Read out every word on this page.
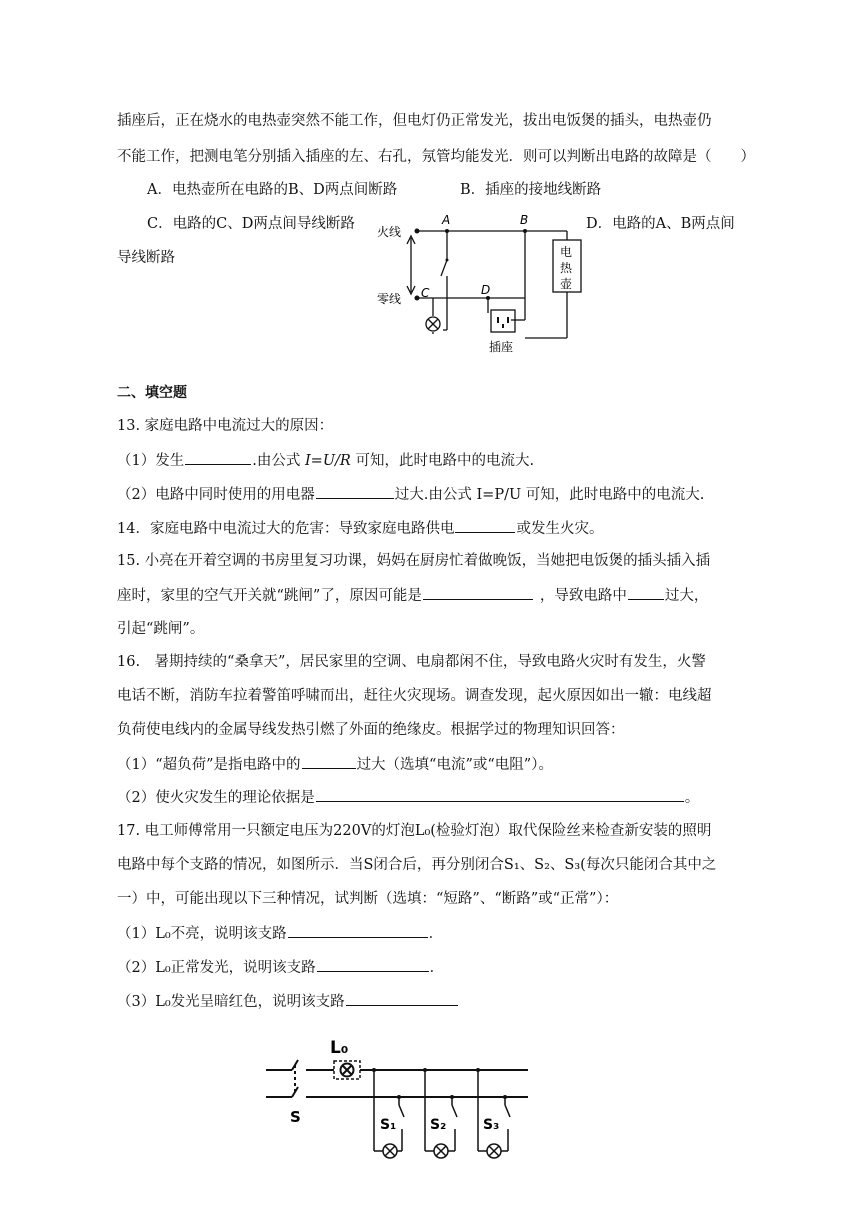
插座后，正在烧水的电热壶突然不能工作，但电灯仍正常发光，拔出电饭煲的插头，电热壶仍
不能工作，把测电笔分别插入插座的左、右孔，氖管均能发光．则可以判断出电路的故障是（　　）
A．电热壶所在电路的B、D两点间断路	B．插座的接地线断路
C．电路的C、D两点间导线断路	D．电路的A、B两点间
导线断路
火线
零线
A	B
C	D
电
热
壶
插座
二、填空题
13. 家庭电路中电流过大的原因：
（1）发生	.由公式 I=U/R 可知，此时电路中的电流大.
（2）电路中同时使用的用电器	过大.由公式 I=P/U 可知，此时电路中的电流大.
14．家庭电路中电流过大的危害：导致家庭电路供电	或发生火灾。
15. 小亮在开着空调的书房里复习功课，妈妈在厨房忙着做晚饭，当她把电饭煲的插头插入插
座时，家里的空气开关就“跳闸”了，原因可能是	，导致电路中	过大，
引起“跳闸”。
16.　暑期持续的“桑拿天”，居民家里的空调、电扇都闲不住，导致电路火灾时有发生，火警
电话不断，消防车拉着警笛呼啸而出，赶往火灾现场。调查发现，起火原因如出一辙：电线超
负荷使电线内的金属导线发热引燃了外面的绝缘皮。根据学过的物理知识回答：
（1）“超负荷”是指电路中的	过大（选填“电流”或“电阻”）。
（2）使火灾发生的理论依据是	。
17. 电工师傅常用一只额定电压为220V的灯泡L₀(检验灯泡）取代保险丝来检查新安装的照明
电路中每个支路的情况，如图所示．当S闭合后，再分别闭合S₁、S₂、S₃(每次只能闭合其中之
一）中，可能出现以下三种情况，试判断（选填：“短路”、“断路”或“正常”）：
（1）L₀不亮，说明该支路	．
（2）L₀正常发光，说明该支路	．
（3）L₀发光呈暗红色，说明该支路
L₀
S	S₁ S₂	S₃
